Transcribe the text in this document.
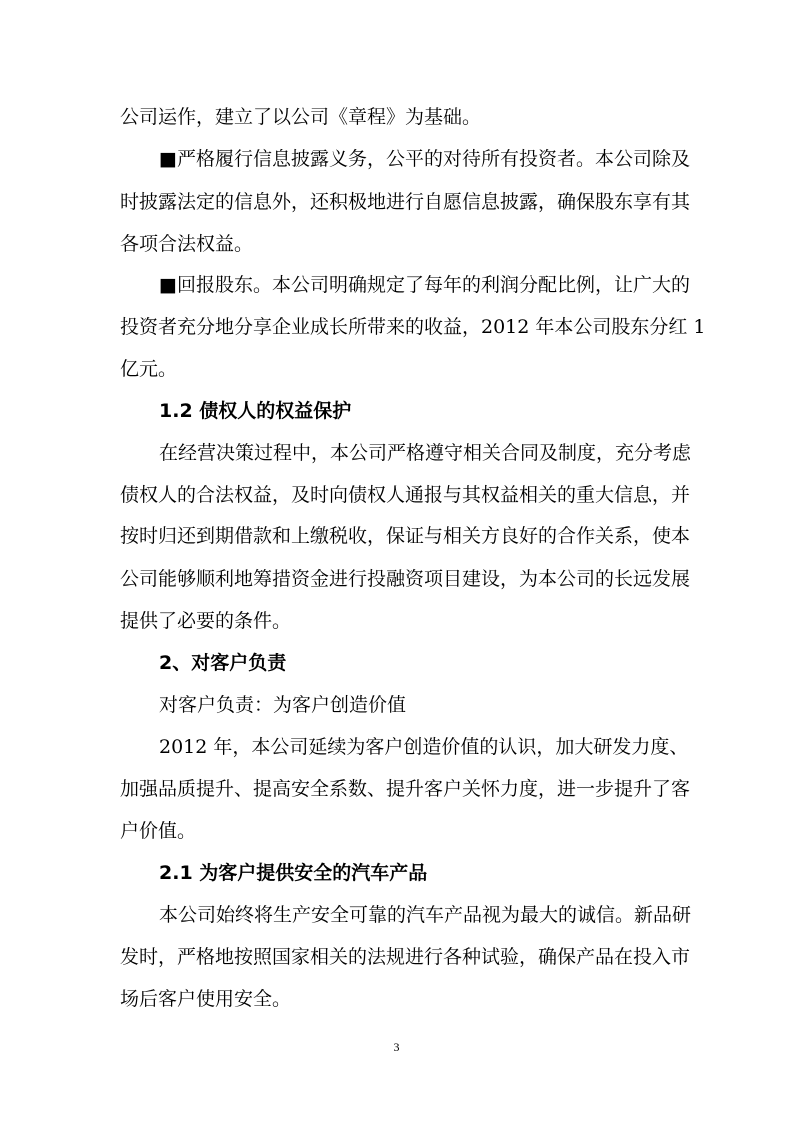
公司运作，建立了以公司《章程》为基础。
■严格履行信息披露义务，公平的对待所有投资者。本公司除及
时披露法定的信息外，还积极地进行自愿信息披露，确保股东享有其
各项合法权益。
■回报股东。本公司明确规定了每年的利润分配比例，让广大的
投资者充分地分享企业成长所带来的收益，2012 年本公司股东分红 1
亿元。
1.2 债权人的权益保护
在经营决策过程中，本公司严格遵守相关合同及制度，充分考虑
债权人的合法权益，及时向债权人通报与其权益相关的重大信息，并
按时归还到期借款和上缴税收，保证与相关方良好的合作关系，使本
公司能够顺利地筹措资金进行投融资项目建设，为本公司的长远发展
提供了必要的条件。
2、对客户负责
对客户负责：为客户创造价值
2012 年，本公司延续为客户创造价值的认识，加大研发力度、
加强品质提升、提高安全系数、提升客户关怀力度，进一步提升了客
户价值。
2.1 为客户提供安全的汽车产品
本公司始终将生产安全可靠的汽车产品视为最大的诚信。新品研
发时，严格地按照国家相关的法规进行各种试验，确保产品在投入市
场后客户使用安全。
3
